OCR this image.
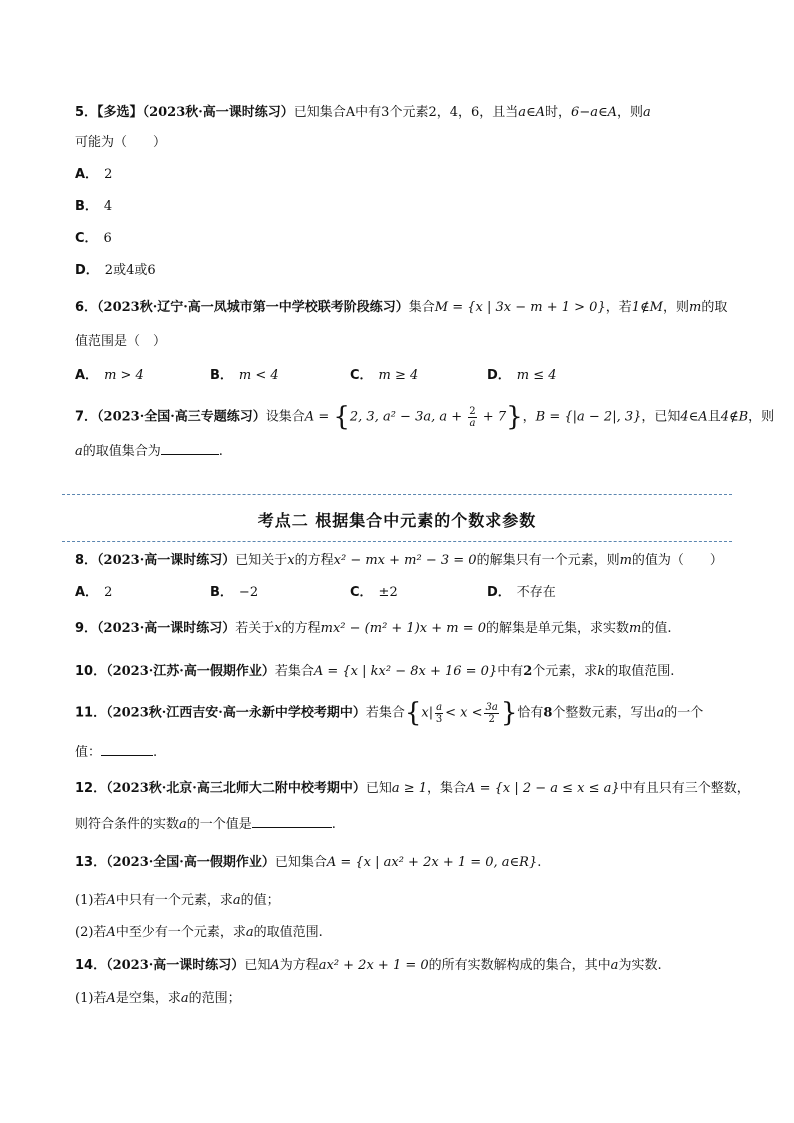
5．【多选】（2023秋·高一课时练习）已知集合A中有3个元素2，4，6，且当a∈A时，6−a∈A，则a
可能为（　　）
A． 2
B． 4
C． 6
D． 2或4或6
6．（2023秋·辽宁·高一凤城市第一中学校联考阶段练习）集合M = {x | 3x − m + 1 > 0}，若1∉M，则m的取
值范围是（　）
A． m > 4	B． m < 4	C． m ≥ 4	D． m ≤ 4
7．（2023·全国·高三专题练习）设集合A = {2, 3, a² − 3a, $a + \frac{2}{a} + 7$}，B = {|a − 2|, 3}，已知4∈A且4∉B，则
a的取值集合为	.
考点二 根据集合中元素的个数求参数
8．（2023·高一课时练习）已知关于x的方程x² − mx + m² − 3 = 0的解集只有一个元素，则m的值为（　　）
A． 2	B． −2	C． ±2	D． 不存在
9．（2023·高一课时练习）若关于x的方程mx² − (m² + 1)x + m = 0的解集是单元集，求实数m的值.
10．（2023·江苏·高一假期作业）若集合A = {x | kx² − 8x + 16 = 0}中有2个元素，求k的取值范围.
11．（2023秋·江西吉安·高一永新中学校考期中）若集合{$x| \frac{a}{3} < x < \frac{3a}{2}$ }恰有8个整数元素，写出a的一个
值：	.
12．（2023秋·北京·高三北师大二附中校考期中）已知a ≥ 1，集合A = {x | 2 − a ≤ x ≤ a}中有且只有三个整数，
则符合条件的实数a的一个值是	.
13．（2023·全国·高一假期作业）已知集合A = {x | ax² + 2x + 1 = 0, a∈R}.
(1)若A中只有一个元素，求a的值；
(2)若A中至少有一个元素，求a的取值范围.
14．（2023·高一课时练习）已知A为方程ax² + 2x + 1 = 0的所有实数解构成的集合，其中a为实数.
(1)若A是空集，求a的范围；
